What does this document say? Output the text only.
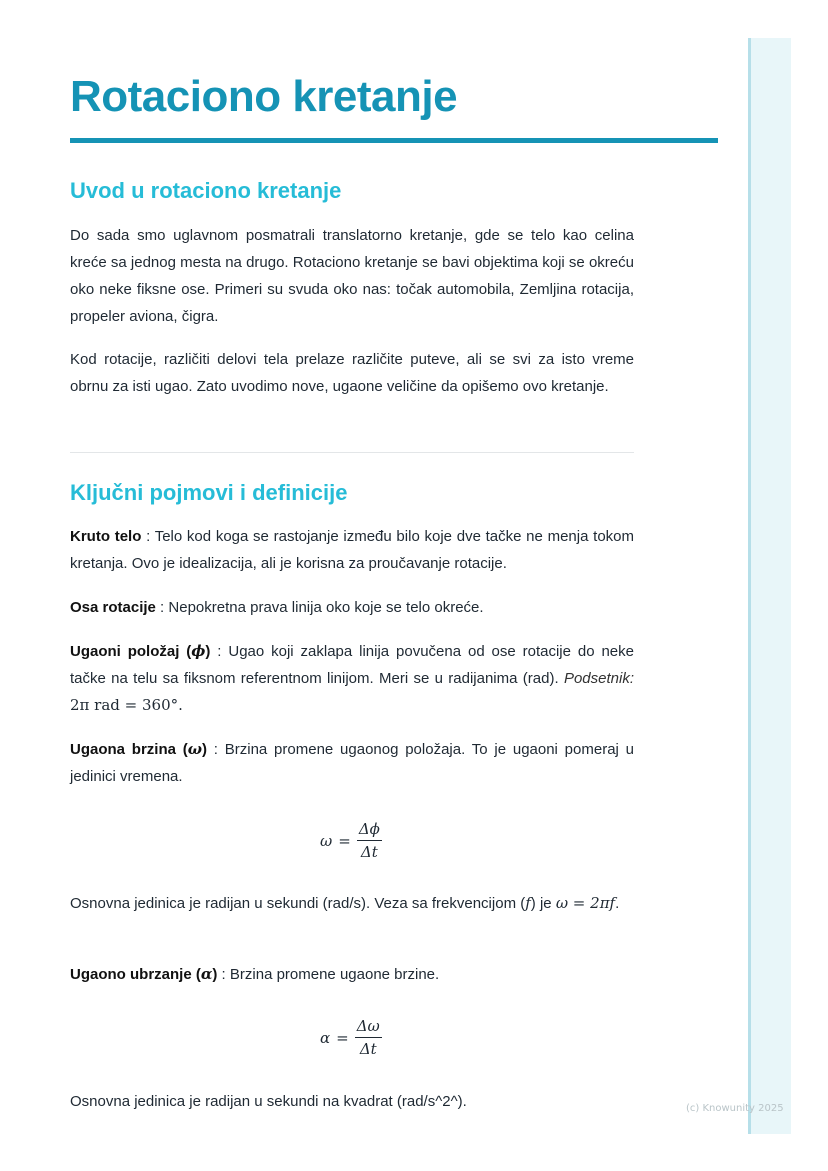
(c) Knowunity 2025
Rotaciono kretanje
Uvod u rotaciono kretanje

Do sada smo uglavnom posmatrali translatorno kretanje, gde se telo kao celina kreće sa jednog mesta na drugo. Rotaciono kretanje se bavi objektima koji se okreću oko neke fiksne ose. Primeri su svuda oko nas: točak automobila, Zemljina rotacija, propeler aviona, čigra.

Kod rotacije, različiti delovi tela prelaze različite puteve, ali se svi za isto vreme obrnu za isti ugao. Zato uvodimo nove, ugaone veličine da opišemo ovo kretanje.

Ključni pojmovi i definicije

Kruto telo : Telo kod koga se rastojanje između bilo koje dve tačke ne menja tokom kretanja. Ovo je idealizacija, ali je korisna za proučavanje rotacije.

Osa rotacije : Nepokretna prava linija oko koje se telo okreće.

Ugaoni položaj (ϕ) : Ugao koji zaklapa linija povučena od ose rotacije do neke tačke na telu sa fiksnom referentnom linijom. Meri se u radijanima (rad). Podsetnik: 2π rad = 360°.

Ugaona brzina (ω) : Brzina promene ugaonog položaja. To je ugaoni pomeraj u jedinici vremena.

$\omega = \frac{\Delta\phi}{\Delta t}$

Osnovna jedinica je radijan u sekundi (rad/s). Veza sa frekvencijom (f) je ω = 2πf.

Ugaono ubrzanje (α) : Brzina promene ugaone brzine.

$\alpha = \frac{\Delta\omega}{\Delta t}$

Osnovna jedinica je radijan u sekundi na kvadrat (rad/s^2^).
